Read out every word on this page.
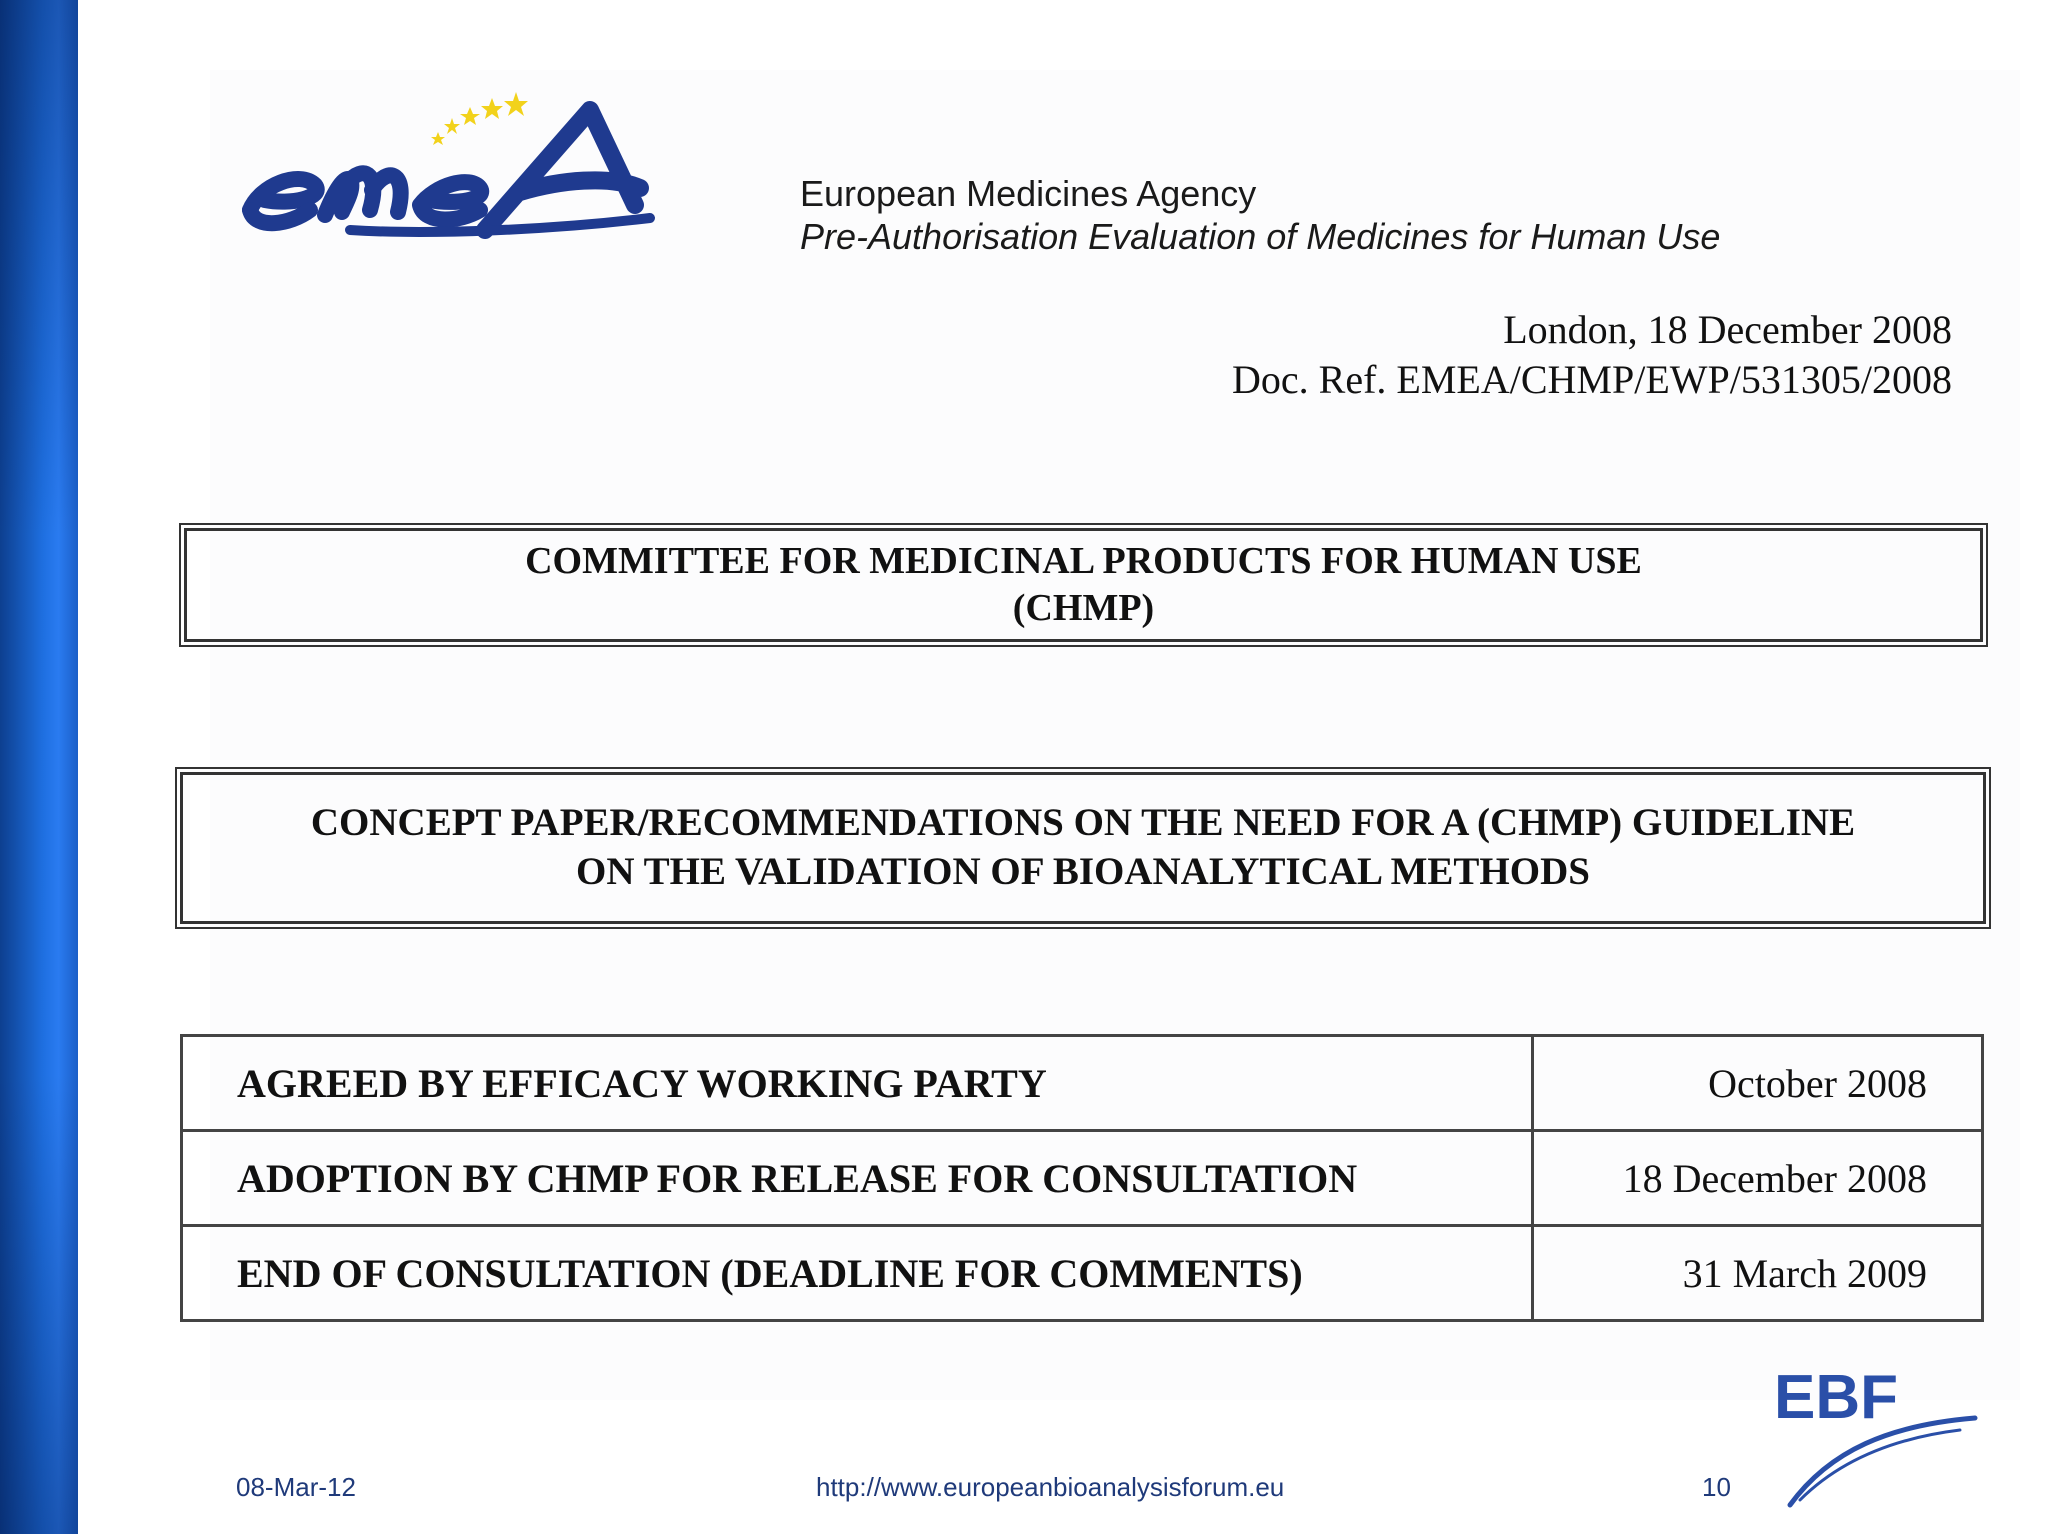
European Medicines Agency
Pre-Authorisation Evaluation of Medicines for Human Use
London, 18 December 2008
Doc. Ref. EMEA/CHMP/EWP/531305/2008
COMMITTEE FOR MEDICINAL PRODUCTS FOR HUMAN USE
(CHMP)
CONCEPT PAPER/RECOMMENDATIONS ON THE NEED FOR A (CHMP) GUIDELINE
ON THE VALIDATION OF BIOANALYTICAL METHODS
AGREED BY EFFICACY WORKING PARTY	October 2008
ADOPTION BY CHMP FOR RELEASE FOR CONSULTATION	18 December 2008
END OF CONSULTATION (DEADLINE FOR COMMENTS)	31 March 2009
EBF
08-Mar-12	http://www.europeanbioanalysisforum.eu	10
